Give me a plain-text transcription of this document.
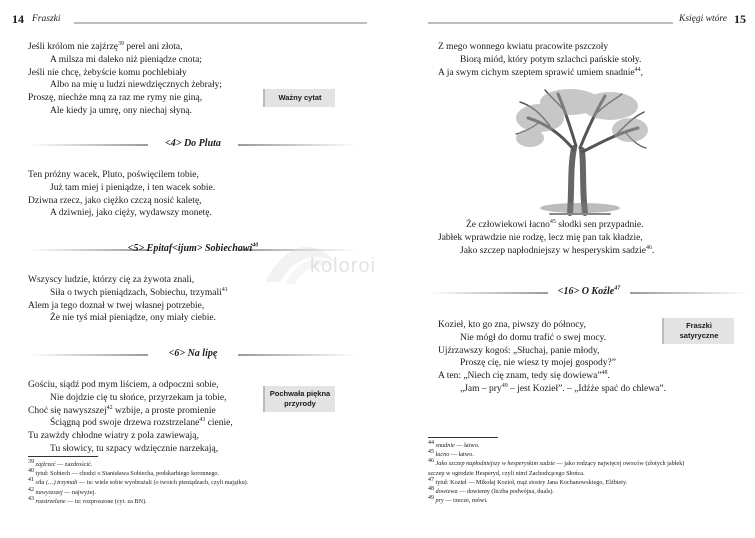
14 Fraszki
Jeśli królom nie zajźrzę$^{39}$ perel ani złota,
A milsza mi daleko niż pieniądze cnota;
Jeśli nie chcę, żebyście komu pochlebiały
Albo na mię u ludzi niewdzięcznych żebrały;
Proszę, niechże mną za raz me rymy nie giną,
Ale kiedy ja umrę, ony niechaj słyną.
Ważny cytat
<4> Do Pluta
Ten próżny wacek, Pluto, poświęcilem tobie,
Już tam miej i pieniądze, i ten wacek sobie.
Dziwna rzecz, jako ciężko czczą nosić kaletę,
A dziwniej, jako cięży, wydawszy monetę.
<5> Epitaf<ijum> Sobiechowi$^{40}$
Wszyscy ludzie, którzy cię za żywota znali,
Siła o twych pieniądzach, Sobiechu, trzymali$^{41}$
Alem ja tego doznał w twej własnej potrzebie,
Że nie tyś miał pieniądze, ony miały ciebie.
<6> Na lipę
Gościu, siądź pod mym liściem, a odpoczni sobie,
Nie dojdzie cię tu słońce, przyrzekam ja tobie,
Choć się nawyszszej$^{42}$ wzbije, a proste promienie
Ściągną pod swoje drzewa rozstrzelane$^{43}$ cienie,
Tu zawżdy chłodne wiatry z pola zawiewają,
Tu słowicy, tu szpacy wdzięcznie narzekają,
Pochwała piękna przyrody
$^{39}$ zajźrzeć — zazdrościć.
$^{40}$ tytuł: Sobiech — chodzi o Stanisława Sobiecha, podskarbiego koronnego.
$^{41}$ siła (…) trzymali — tu: wiele sobie wyobrażali (o twoich pieniądzach, czyli majątku).
$^{42}$ nawyszszej — najwyżej.
$^{43}$ rozstrzelane — tu: rozproszone (cyt. za BN).
Księgi wtóre 15
Z mego wonnego kwiatu pracowite pszczoły
Biorą miód, który potym szlachci pańskie stoły.
A ja swym cichym szeptem sprawić umiem snadnie$^{44}$,
Że człowiekowi łacno$^{45}$ słodki sen przypadnie.
Jabłek wprawdzie nie rodzę, lecz mię pan tak kładzie,
Jako szczep napłodniejszy w hesperyskim sadzie$^{46}$.
<16> O Koźle$^{47}$
Kozieł, kto go zna, piwszy do północy,
Nie mógł do domu trafić o swej mocy.
Ujźrzawszy kogoś: „Słuchaj, panie młody,
Proszę cię, nie wiesz ty mojej gospody?”
A ten: „Niech cię znam, tedy się dowiewa”$^{48}$.
„Jam – pry$^{49}$ – jest Kozieł”. – „Idźże spać do chlewa”.
Fraszki satyryczne
$^{44}$ snadnie — łatwo.
$^{45}$ łacno — łatwo.
$^{46}$ Jako szczep napłodniejszy w hesperyskim sadzie — jako rodzący najwięcej owoców (złotych jabłek)
szczep w ogrodzie Hesperyd, czyli nimf Zachodzącego Słońca.
$^{47}$ tytuł: Kozieł — Mikołaj Kozioł, mąż siostry Jana Kochanowskiego, Elżbiety.
$^{48}$ dowiewa — dowiemy (liczba podwójna, duals).
$^{49}$ pry — rzecze, mówi.
koloroi
